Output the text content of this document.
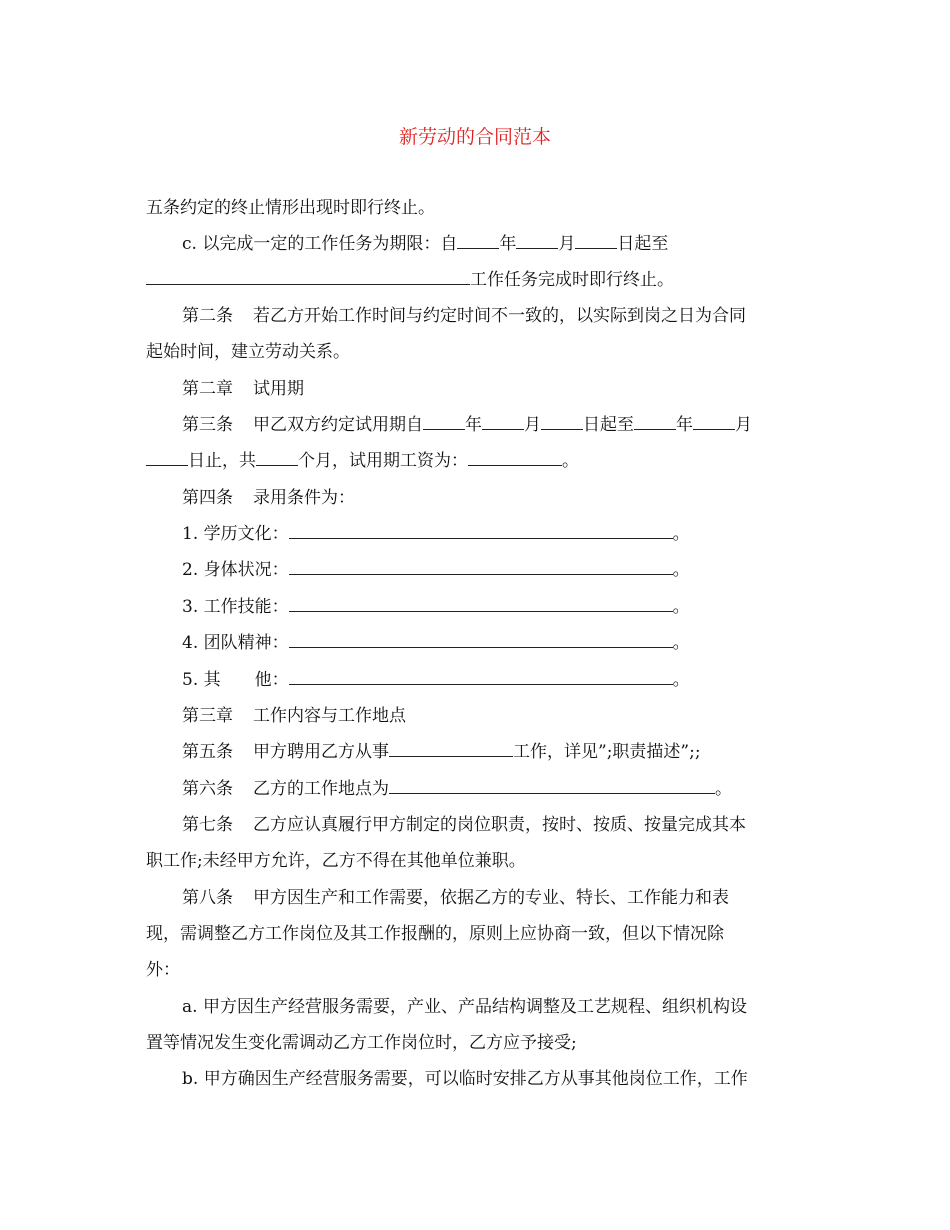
新劳动的合同范本
五条约定的终止情形出现时即行终止。
c. 以完成一定的工作任务为期限：自 年 月 日起至
工作任务完成时即行终止。
第二条 若乙方开始工作时间与约定时间不一致的，以实际到岗之日为合同
起始时间，建立劳动关系。
第二章 试用期
第三条 甲乙双方约定试用期自 年 月 日起至 年 月
日止，共 个月，试用期工资为：	。
第四条 录用条件为：
1. 学历文化：	。
2. 身体状况：	。
3. 工作技能：	。
4. 团队精神：	。
5. 其 他：	。
第三章 工作内容与工作地点
第五条 甲方聘用乙方从事	工作，详见”;职责描述”;;
第六条 乙方的工作地点为	。
第七条 乙方应认真履行甲方制定的岗位职责，按时、按质、按量完成其本
职工作;未经甲方允许，乙方不得在其他单位兼职。
第八条 甲方因生产和工作需要，依据乙方的专业、特长、工作能力和表
现，需调整乙方工作岗位及其工作报酬的，原则上应协商一致，但以下情况除
外：
a. 甲方因生产经营服务需要，产业、产品结构调整及工艺规程、组织机构设
置等情况发生变化需调动乙方工作岗位时，乙方应予接受;
b. 甲方确因生产经营服务需要，可以临时安排乙方从事其他岗位工作，工作
